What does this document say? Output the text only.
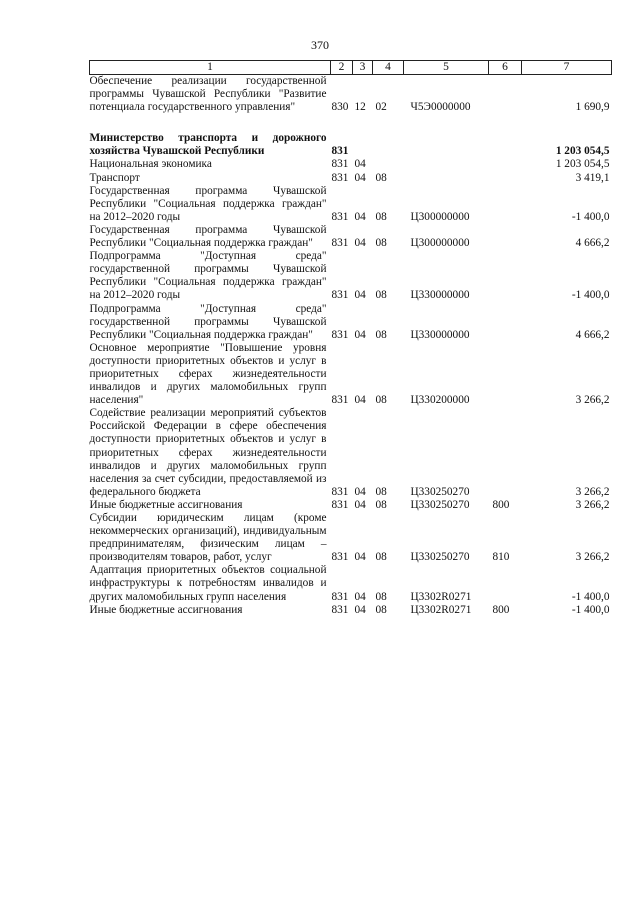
370
1	2	3	4	5	6	7
Обеспечение реализации государственной программы Чувашской Республики "Развитие потенциала государственного управления"	830	12	02	Ч5Э0000000		1 690,9

Министерство транспорта и дорожного хозяйства Чувашской Республики	831					1 203 054,5
Национальная экономика	831	04				1 203 054,5
Транспорт	831	04	08			3 419,1
Государственная программа Чувашской Республики "Социальная поддержка граждан" на 2012–2020 годы	831	04	08	Ц300000000		-1 400,0
Государственная программа Чувашской Республики "Социальная поддержка граждан"	831	04	08	Ц300000000		4 666,2
Подпрограмма "Доступная среда" государственной программы Чувашской Республики "Социальная поддержка граждан" на 2012–2020 годы	831	04	08	Ц330000000		-1 400,0
Подпрограмма "Доступная среда" государственной программы Чувашской Республики "Социальная поддержка граждан"	831	04	08	Ц330000000		4 666,2
Основное мероприятие "Повышение уровня доступности приоритетных объектов и услуг в приоритетных сферах жизнедеятельности инвалидов и других маломобильных групп населения"	831	04	08	Ц330200000		3 266,2
Содействие реализации мероприятий субъектов Российской Федерации в сфере обеспечения доступности приоритетных объектов и услуг в приоритетных сферах жизнедеятельности инвалидов и других маломобильных групп населения за счет субсидии, предоставляемой из федерального бюджета	831	04	08	Ц330250270		3 266,2
Иные бюджетные ассигнования	831	04	08	Ц330250270	800	3 266,2
Субсидии юридическим лицам (кроме некоммерческих организаций), индивидуальным предпринимателям, физическим лицам – производителям товаров, работ, услуг	831	04	08	Ц330250270	810	3 266,2
Адаптация приоритетных объектов социальной инфраструктуры к потребностям инвалидов и других маломобильных групп населения	831	04	08	Ц3302R0271		-1 400,0
Иные бюджетные ассигнования	831	04	08	Ц3302R0271	800	-1 400,0
